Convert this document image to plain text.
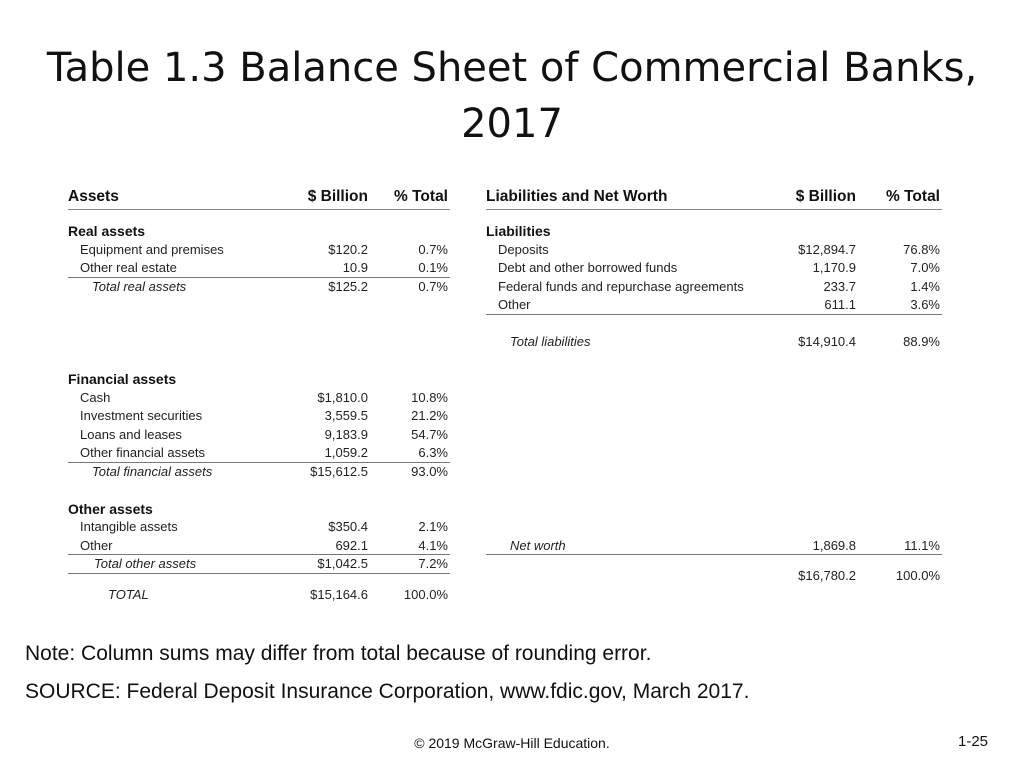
Table 1.3 Balance Sheet of Commercial Banks, 2017
Assets	$ Billion % Total
Real assets
Equipment and premises	$120.2	0.7%
Other real estate	10.9	0.1%
Total real assets	$125.2	0.7%
Financial assets
Cash	$1,810.0	10.8%
Investment securities	3,559.5	21.2%
Loans and leases	9,183.9	54.7%
Other financial assets	1,059.2	6.3%
Total financial assets	$15,612.5	93.0%
Other assets
Intangible assets	$350.4	2.1%
Other	692.1	4.1%
Total other assets	$1,042.5	7.2%
TOTAL	$15,164.6	100.0%
Liabilities and Net Worth	$ Billion % Total
Liabilities
Deposits	$12,894.7	76.8%
Debt and other borrowed funds	1,170.9	7.0%
Federal funds and repurchase agreements	233.7	1.4%
Other	611.1	3.6%
Total liabilities	$14,910.4	88.9%
Net worth	1,869.8	11.1%
$16,780.2	100.0%
Note: Column sums may differ from total because of rounding error.
SOURCE: Federal Deposit Insurance Corporation, www.fdic.gov, March 2017.
© 2019 McGraw-Hill Education.	1-25
